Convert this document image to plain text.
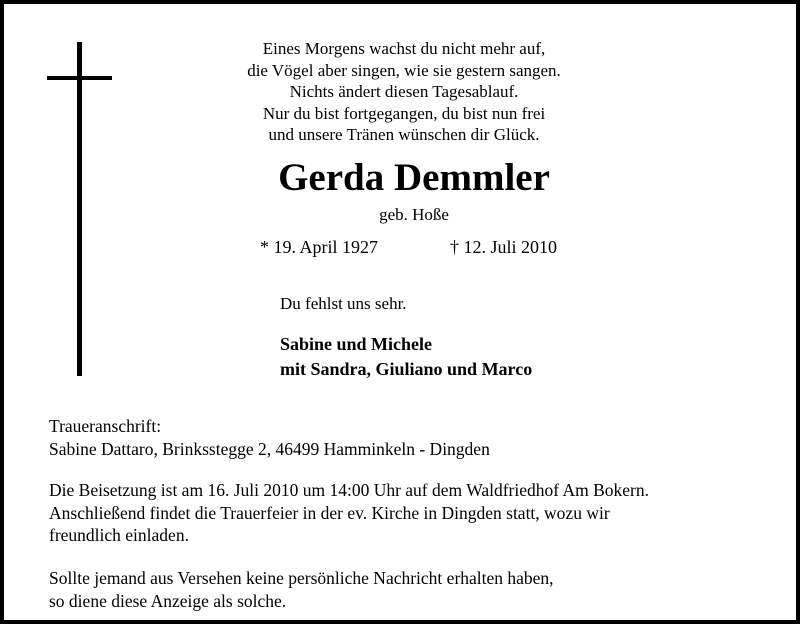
Eines Morgens wachst du nicht mehr auf,
die Vögel aber singen, wie sie gestern sangen.
Nichts ändert diesen Tagesablauf.
Nur du bist fortgegangen, du bist nun frei
und unsere Tränen wünschen dir Glück.
Gerda Demmler
geb. Hoße
* 19. April 1927	† 12. Juli 2010
Du fehlst uns sehr.
Sabine und Michele
mit Sandra, Giuliano und Marco
Traueranschrift:
Sabine Dattaro, Brinksstegge 2, 46499 Hamminkeln - Dingden
Die Beisetzung ist am 16. Juli 2010 um 14:00 Uhr auf dem Waldfriedhof Am Bokern.
Anschließend findet die Trauerfeier in der ev. Kirche in Dingden statt, wozu wir
freundlich einladen.
Sollte jemand aus Versehen keine persönliche Nachricht erhalten haben,
so diene diese Anzeige als solche.
